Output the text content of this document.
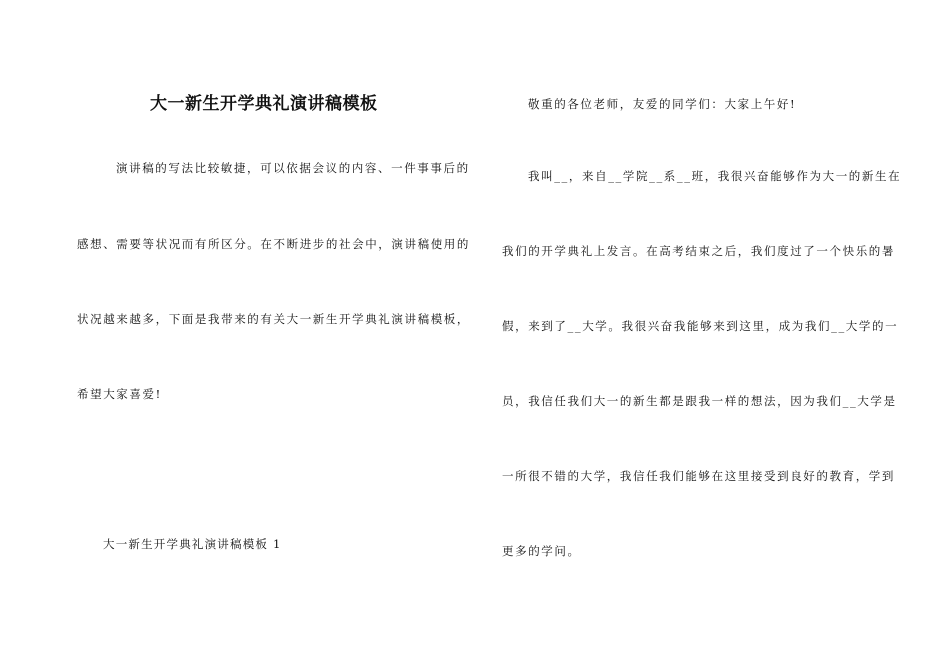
大一新生开学典礼演讲稿模板
演讲稿的写法比较敏捷，可以依据会议的内容、一件事事后的
感想、需要等状况而有所区分。在不断进步的社会中，演讲稿使用的
状况越来越多，下面是我带来的有关大一新生开学典礼演讲稿模板，
希望大家喜爱!
大一新生开学典礼演讲稿模板 1
敬重的各位老师，友爱的同学们：大家上午好!
我叫__，来自__学院__系__班，我很兴奋能够作为大一的新生在
我们的开学典礼上发言。在高考结束之后，我们度过了一个快乐的暑
假，来到了__大学。我很兴奋我能够来到这里，成为我们__大学的一
员，我信任我们大一的新生都是跟我一样的想法，因为我们__大学是
一所很不错的大学，我信任我们能够在这里接受到良好的教育，学到
更多的学问。
